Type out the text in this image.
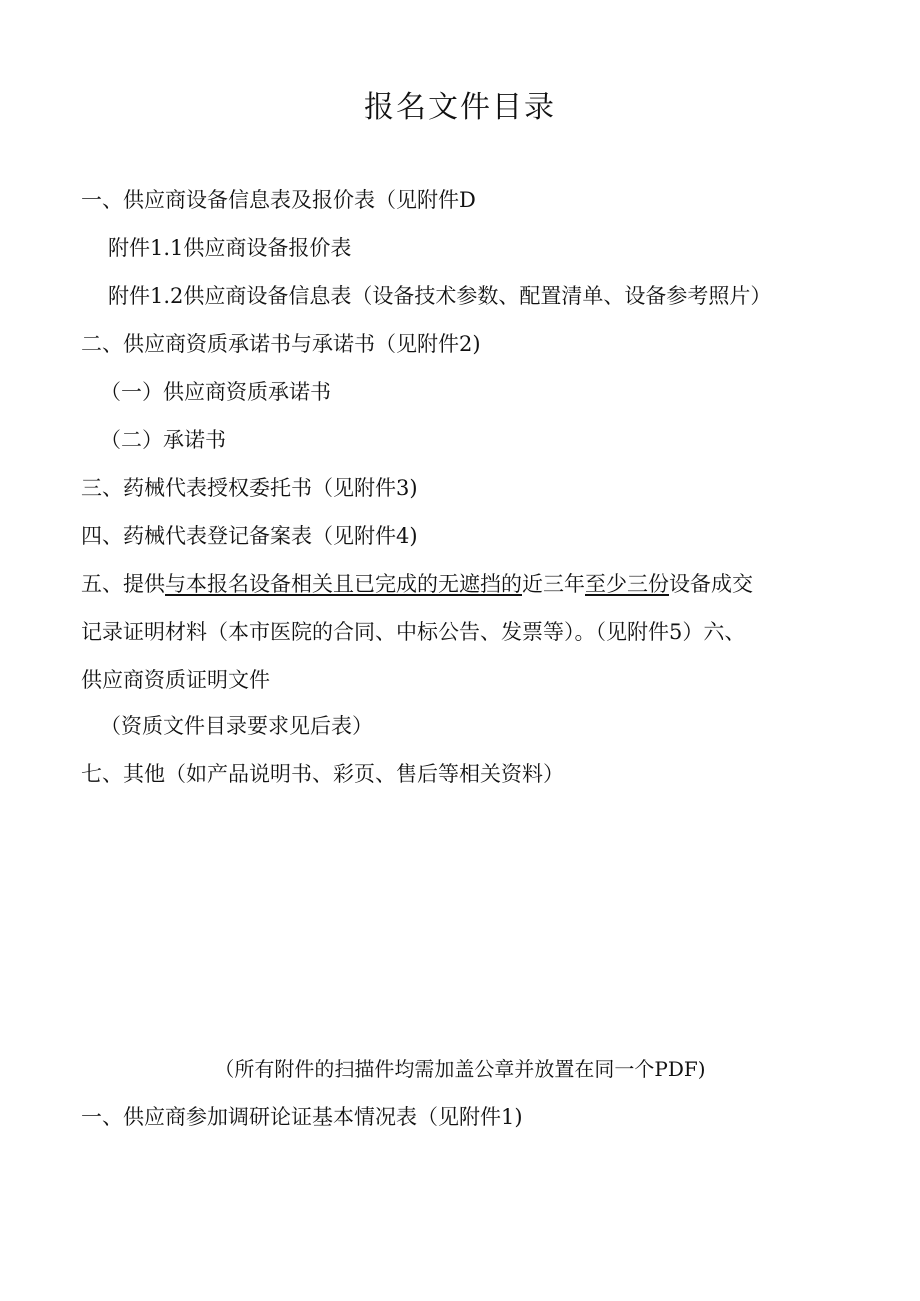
报名文件目录
一、供应商设备信息表及报价表（见附件D
附件1.1供应商设备报价表
附件1.2供应商设备信息表（设备技术参数、配置清单、设备参考照片）
二、供应商资质承诺书与承诺书（见附件2)
（一）供应商资质承诺书
（二）承诺书
三、药械代表授权委托书（见附件3)
四、药械代表登记备案表（见附件4)
五、提供与本报名设备相关且已完成的无遮挡的近三年至少三份设备成交
记录证明材料（本市医院的合同、中标公告、发票等）。（见附件5）六、
供应商资质证明文件
（资质文件目录要求见后表）
七、其他（如产品说明书、彩页、售后等相关资料）
（所有附件的扫描件均需加盖公章并放置在同一个PDF)
一、供应商参加调研论证基本情况表（见附件1)
